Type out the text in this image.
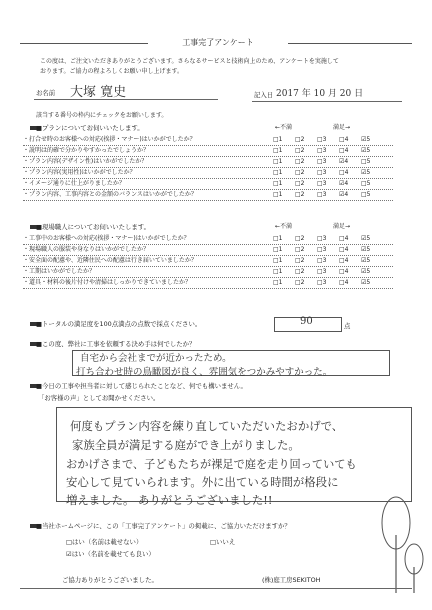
工事完了アンケート
この度は、ご注文いただきありがとうございます。さらなるサービスと技術向上のため、アンケートを実施して
おります。ご協力の程よろしくお願い申し上げます。
お名前 大塚 寛史	記入日 2017 年 10 月 20 日
該当する番号の枠内にチェックをお願いします。
■プランについてお伺いいたします。	←不満	満足→
・打合せ時のお客様への対応(挨拶・マナー)はいかがでしたか？	□1 □2 □3 □4 ☑5
・説明は的確で分かりやすかったでしょうか？	□1 □2 □3 □4 ☑5
・プラン内容(デザイン性)はいかがでしたか？	□1 □2 □3 ☑4 □5
・プラン内容(実用性)はいかがでしたか？	□1 □2 □3 □4 ☑5
・イメージ通りに仕上がりましたか？	□1 □2 □3 ☑4 □5
・プラン内容、工事内容との金額のバランスはいかがでしたか？	□1 □2 □3 ☑4 □5
■現場職人についてお伺いいたします。	←不満	満足→
・工事中のお客様への対応(挨拶・マナー)はいかがでしたか？	□1 □2 □3 □4 ☑5
・現場職人の服装や身なりはいかがでしたか？	□1 □2 □3 □4 ☑5
・安全面の配慮や、近隣住民への配慮は行き届いていましたか？	□1 □2 □3 □4 ☑5
・工期はいかがでしたか？	□1 □2 □3 □4 ☑5
・道具・材料の後片付けや清掃はしっかりできていましたか？	□1 □2 □3 □4 ☑5
■トータルの満足度を100点満点の点数で採点ください。	90	点
■この度、弊社に工事を依頼する決め手は何でしたか？
自宅から会社までが近かったため。
打ち合わせ時の鳥瞰図が良く、雰囲気をつかみやすかった。
■今日の工事や担当者に対して感じられたことなど、何でも構いません。
「お客様の声」としてお聞かせください。
何度もプラン内容を練り直していただいたおかげで、
家族全員が満足する庭ができ上がりました。
おかげさまで、子どもたちが裸足で庭を走り回っていても
安心して見ていられます。外に出ている時間が格段に
増えました。 ありがとうございました!!
■当社ホームページに、この「工事完了アンケート」の掲載に、ご協力いただけますか？
□はい（名前は載せない）	□いいえ
☑はい（名前を載せても良い）
ご協力ありがとうございました。	(株)庭工房SEKITOH
